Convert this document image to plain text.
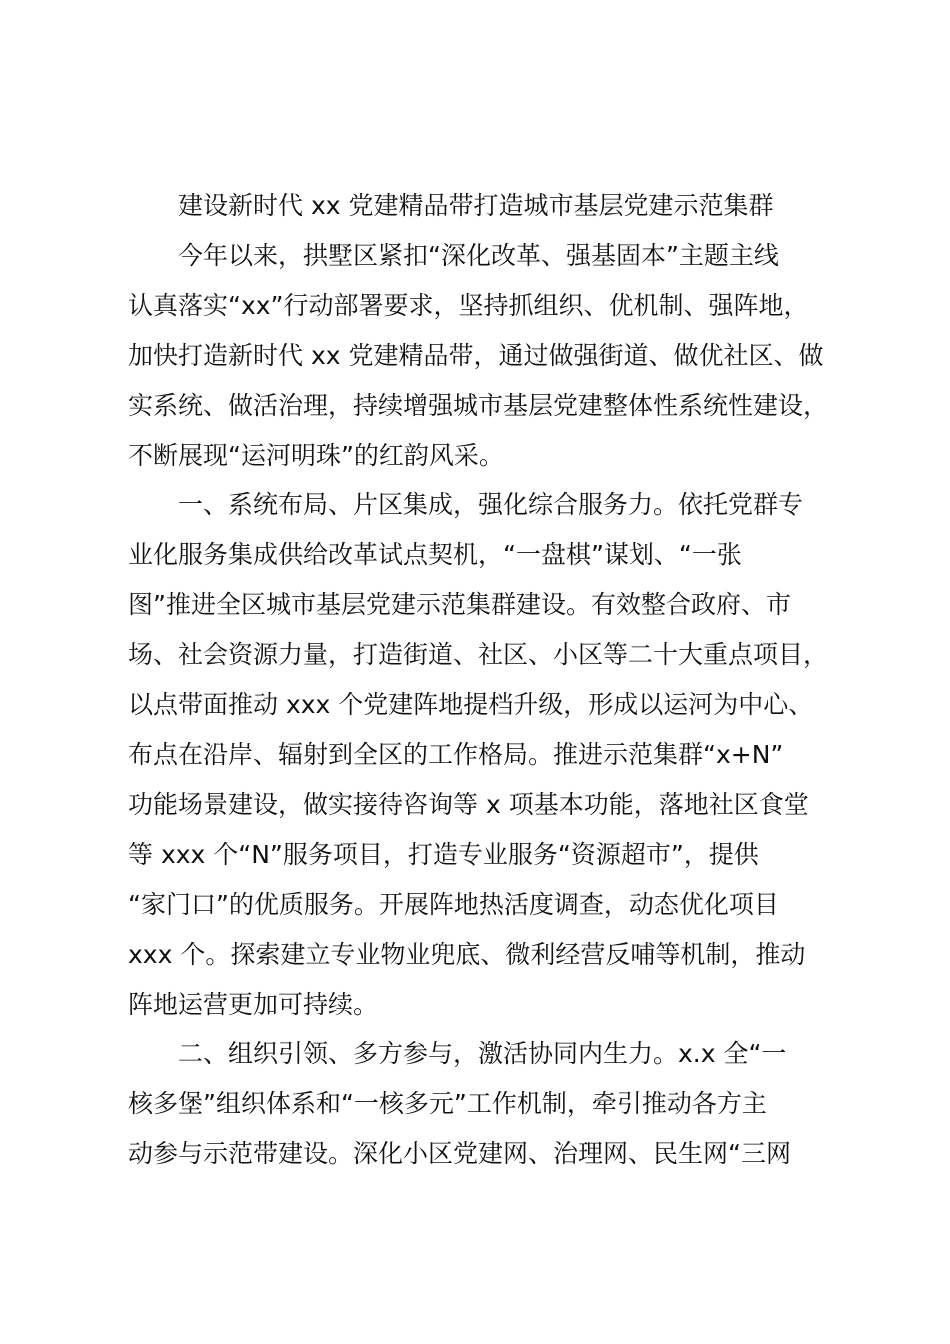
建设新时代 xx 党建精品带打造城市基层党建示范集群

今年以来，拱墅区紧扣“深化改革、强基固本”主题主线

认真落实“xx”行动部署要求，坚持抓组织、优机制、强阵地，

加快打造新时代 xx 党建精品带，通过做强街道、做优社区、做

实系统、做活治理，持续增强城市基层党建整体性系统性建设，

不断展现“运河明珠”的红韵风采。

一、系统布局、片区集成，强化综合服务力。依托党群专

业化服务集成供给改革试点契机，“一盘棋”谋划、“一张

图”推进全区城市基层党建示范集群建设。有效整合政府、市

场、社会资源力量，打造街道、社区、小区等二十大重点项目，

以点带面推动 xxx 个党建阵地提档升级，形成以运河为中心、

布点在沿岸、辐射到全区的工作格局。推进示范集群“x+N”

功能场景建设，做实接待咨询等 x 项基本功能，落地社区食堂

等 xxx 个“N”服务项目，打造专业服务“资源超市”，提供

“家门口”的优质服务。开展阵地热活度调查，动态优化项目

xxx 个。探索建立专业物业兜底、微利经营反哺等机制，推动

阵地运营更加可持续。

二、组织引领、多方参与，激活协同内生力。x.x 全“一

核多堡”组织体系和“一核多元”工作机制，牵引推动各方主

动参与示范带建设。深化小区党建网、治理网、民生网“三网
